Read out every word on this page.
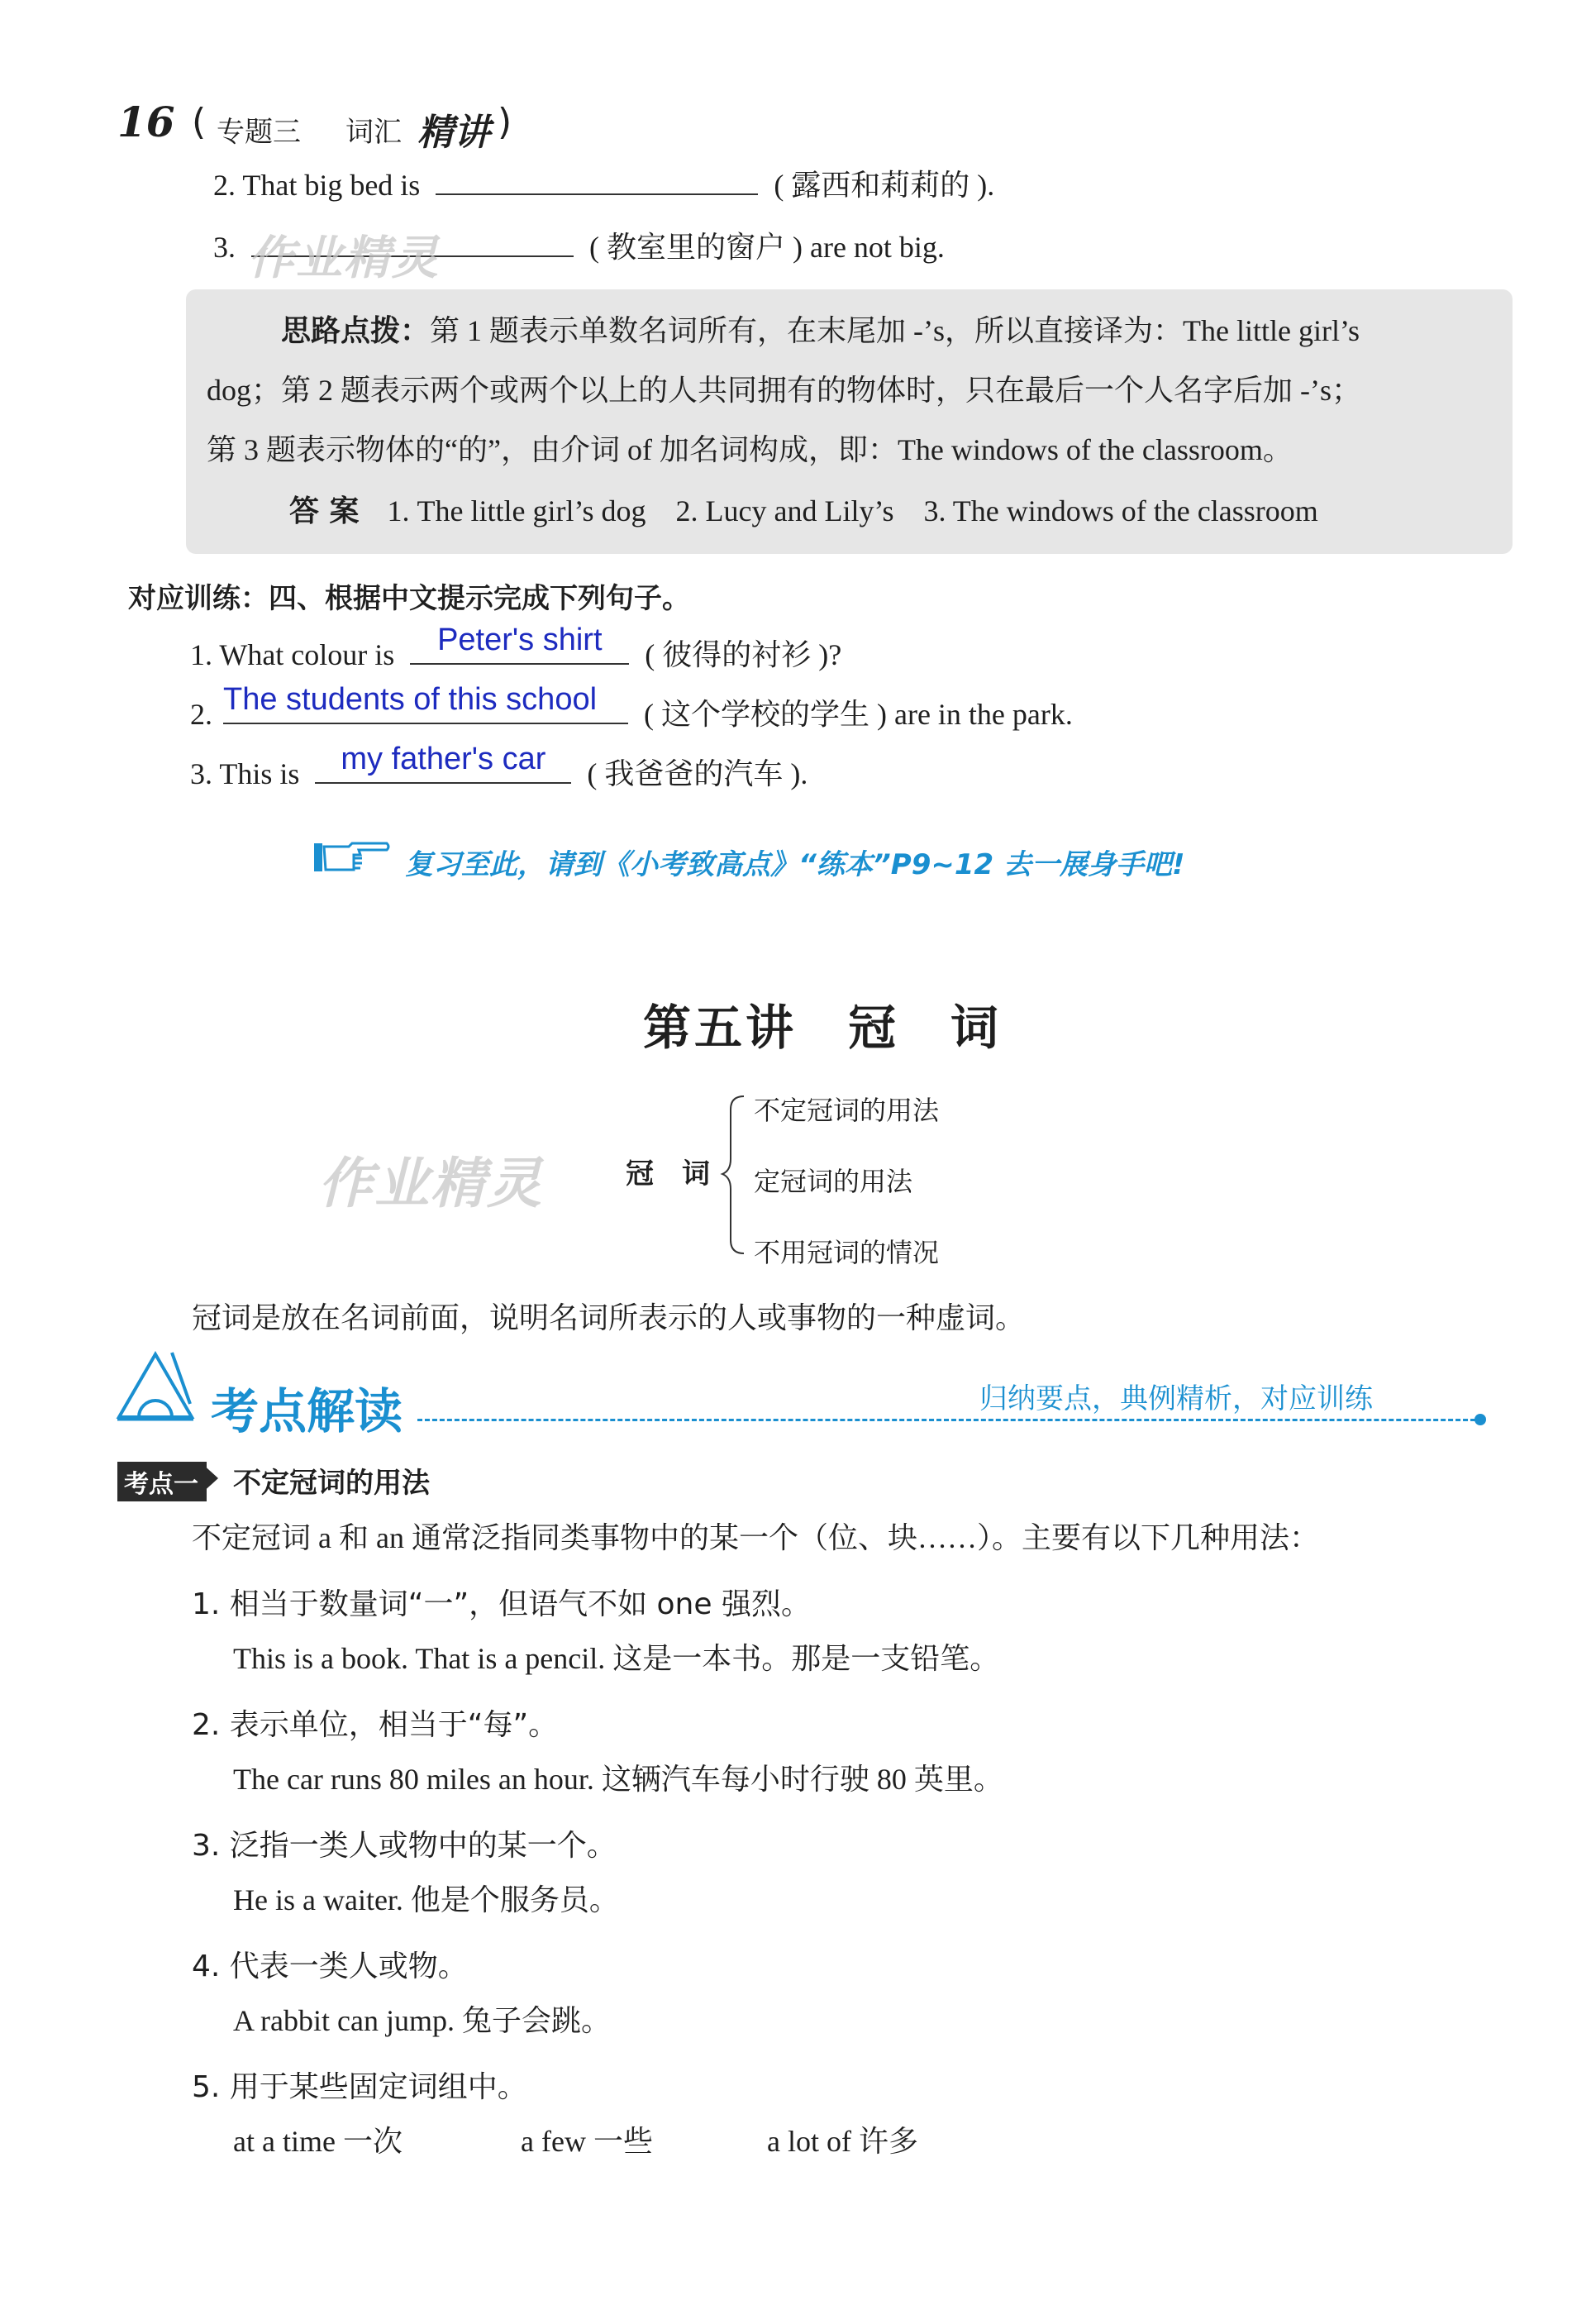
16 ( 专题三 词汇 精讲 )
2. That big bed is	( 露西和莉莉的 ).
3.	( 教室里的窗户 ) are not big.
作业精灵
思路点拨：第 1 题表示单数名词所有，在末尾加 -’s，所以直接译为：The little girl’s
dog；第 2 题表示两个或两个以上的人共同拥有的物体时，只在最后一个人名字后加 -’s；
第 3 题表示物体的“的”，由介词 of 加名词构成，即：The windows of the classroom。
答 案 1. The little girl’s dog　2. Lucy and Lily’s　3. The windows of the classroom
对应训练：四、根据中文提示完成下列句子。
1. What colour is	Peter's shirt	( 彼得的衬衫 )?
2. The students of this school	( 这个学校的学生 ) are in the park.
3. This is	my father's car	( 我爸爸的汽车 ).
复习至此，请到《小考致高点》“练本”P9~12 去一展身手吧!
第五讲　冠　词
作业精灵	冠　词
不定冠词的用法
定冠词的用法
不用冠词的情况
冠词是放在名词前面，说明名词所表示的人或事物的一种虚词。
考点解读	归纳要点，典例精析，对应训练
考点一 不定冠词的用法
不定冠词 a 和 an 通常泛指同类事物中的某一个（位、块……）。主要有以下几种用法：
1. 相当于数量词“一”，但语气不如 one 强烈。
This is a book. That is a pencil. 这是一本书。那是一支铅笔。
2. 表示单位，相当于“每”。
The car runs 80 miles an hour. 这辆汽车每小时行驶 80 英里。
3. 泛指一类人或物中的某一个。
He is a waiter. 他是个服务员。
4. 代表一类人或物。
A rabbit can jump. 兔子会跳。
5. 用于某些固定词组中。
at a time 一次	a few 一些	a lot of 许多
